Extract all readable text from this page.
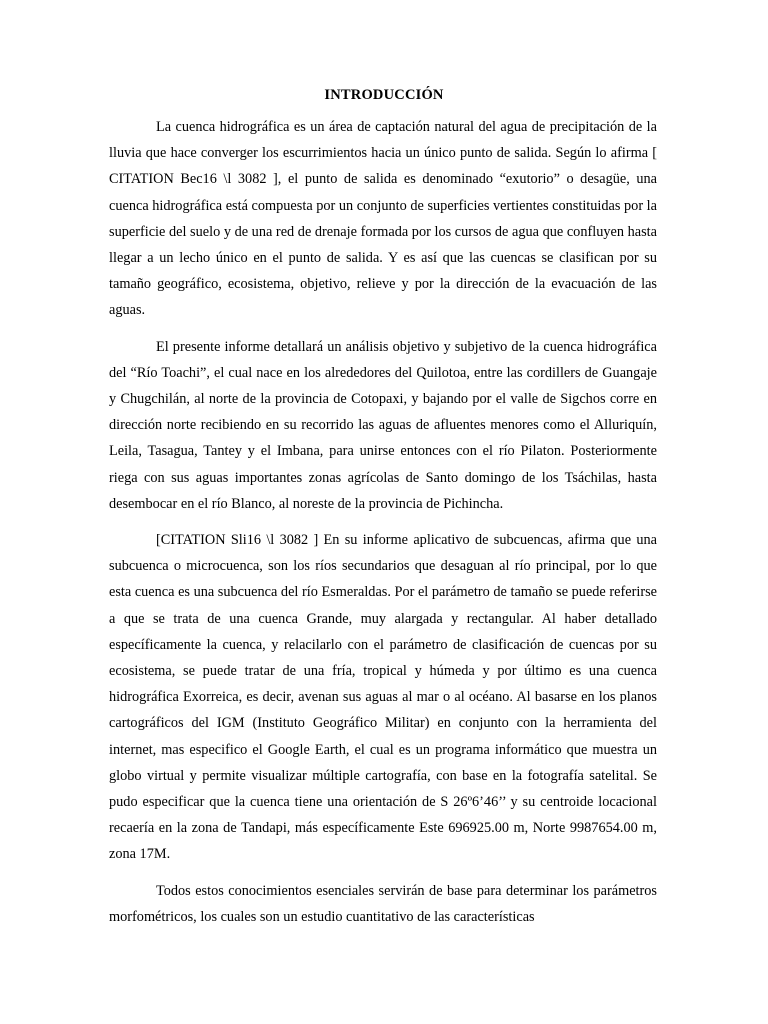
INTRODUCCIÓN

La cuenca hidrográfica es un área de captación natural del agua de precipitación de la lluvia que hace converger los escurrimientos hacia un único punto de salida. Según lo afirma [ CITATION Bec16 \l 3082 ], el punto de salida es denominado “exutorio” o desagüe, una cuenca hidrográfica está compuesta por un conjunto de superficies vertientes constituidas por la superficie del suelo y de una red de drenaje formada por los cursos de agua que confluyen hasta llegar a un lecho único en el punto de salida. Y es así que las cuencas se clasifican por su tamaño geográfico, ecosistema, objetivo, relieve y por la dirección de la evacuación de las aguas.

El presente informe detallará un análisis objetivo y subjetivo de la cuenca hidrográfica del “Río Toachi”, el cual nace en los alrededores del Quilotoa, entre las cordillers de Guangaje y Chugchilán, al norte de la provincia de Cotopaxi, y bajando por el valle de Sigchos corre en dirección norte recibiendo en su recorrido las aguas de afluentes menores como el Alluriquín, Leila, Tasagua, Tantey y el Imbana, para unirse entonces con el río Pilaton. Posteriormente riega con sus aguas importantes zonas agrícolas de Santo domingo de los Tsáchilas, hasta desembocar en el río Blanco, al noreste de la provincia de Pichincha.

[CITATION Sli16 \l 3082 ] En su informe aplicativo de subcuencas, afirma que una subcuenca o microcuenca, son los ríos secundarios que desaguan al río principal, por lo que esta cuenca es una subcuenca del río Esmeraldas. Por el parámetro de tamaño se puede referirse a que se trata de una cuenca Grande, muy alargada y rectangular. Al haber detallado específicamente la cuenca, y relacilarlo con el parámetro de clasificación de cuencas por su ecosistema, se puede tratar de una fría, tropical y húmeda y por último es una cuenca hidrográfica Exorreica, es decir, avenan sus aguas al mar o al océano. Al basarse en los planos cartográficos del IGM (Instituto Geográfico Militar) en conjunto con la herramienta del internet, mas especifico el Google Earth, el cual es un programa informático que muestra un globo virtual y permite visualizar múltiple cartografía, con base en la fotografía satelital. Se pudo especificar que la cuenca tiene una orientación de S 26º6’46’’ y su centroide locacional recaería en la zona de Tandapi, más específicamente Este 696925.00 m, Norte 9987654.00 m, zona 17M.

Todos estos conocimientos esenciales servirán de base para determinar los parámetros morfométricos, los cuales son un estudio cuantitativo de las características
